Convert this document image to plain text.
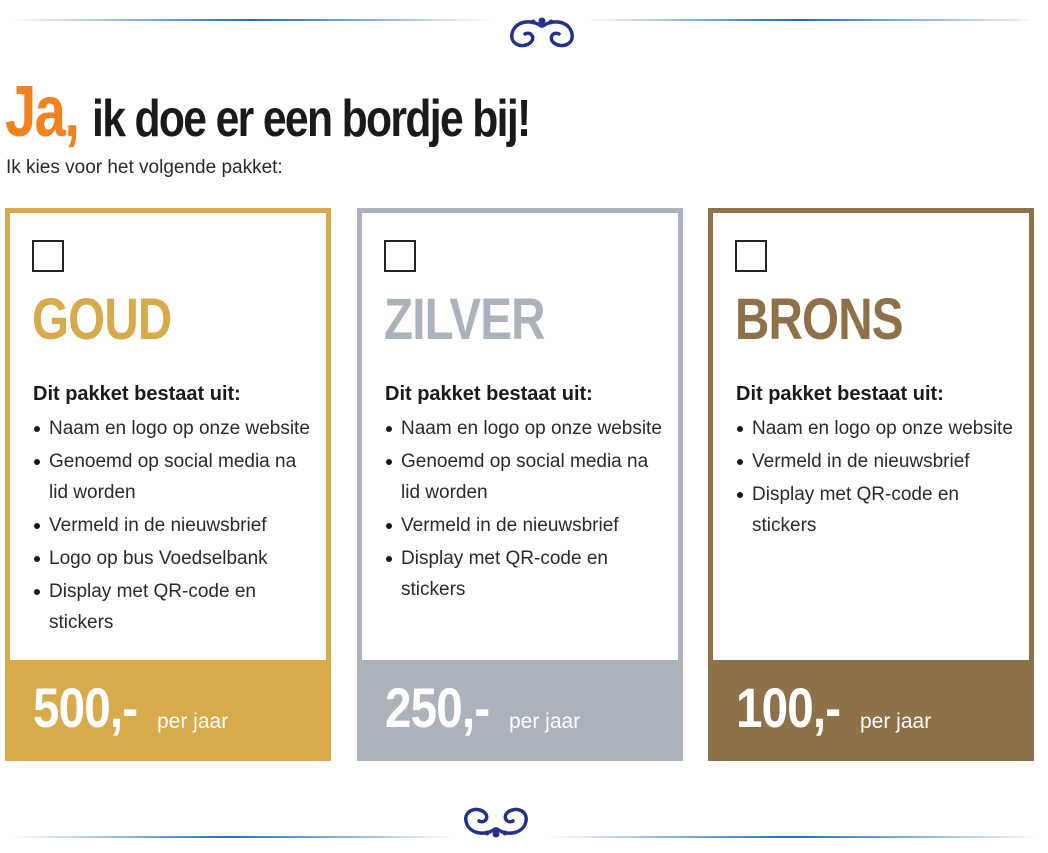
Ja, ik doe er een bordje bij!

Ik kies voor het volgende pakket:

GOUD
Dit pakket bestaat uit:
Naam en logo op onze website
Genoemd op social media na lid worden
Vermeld in de nieuwsbrief
Logo op bus Voedselbank
Display met QR-code en stickers
500,- per jaar
ZILVER
Dit pakket bestaat uit:
Naam en logo op onze website
Genoemd op social media na lid worden
Vermeld in de nieuwsbrief
Display met QR-code en stickers
250,- per jaar
BRONS
Dit pakket bestaat uit:
Naam en logo op onze website
Vermeld in de nieuwsbrief
Display met QR-code en stickers
100,- per jaar
